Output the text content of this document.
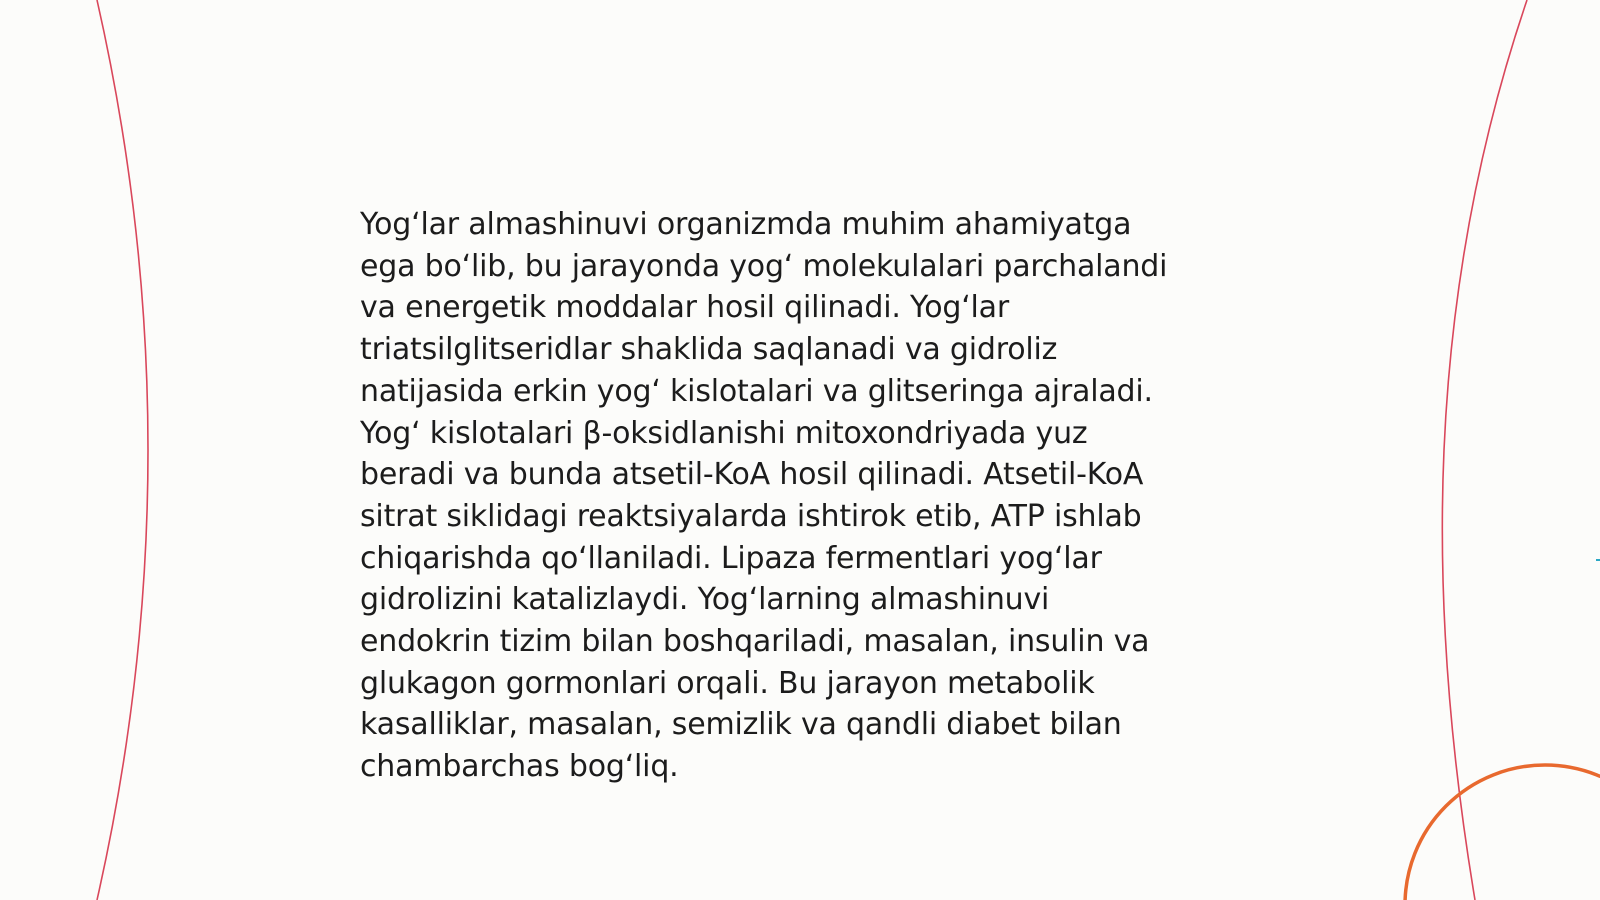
Yog‘lar almashinuvi organizmda muhim ahamiyatga
ega bo‘lib, bu jarayonda yog‘ molekulalari parchalandi
va energetik moddalar hosil qilinadi. Yog‘lar
triatsilglitseridlar shaklida saqlanadi va gidroliz
natijasida erkin yog‘ kislotalari va glitseringa ajraladi.
Yog‘ kislotalari β-oksidlanishi mitoxondriyada yuz
beradi va bunda atsetil-KoA hosil qilinadi. Atsetil-KoA
sitrat siklidagi reaktsiyalarda ishtirok etib, ATP ishlab
chiqarishda qo‘llaniladi. Lipaza fermentlari yog‘lar
gidrolizini katalizlaydi. Yog‘larning almashinuvi
endokrin tizim bilan boshqariladi, masalan, insulin va
glukagon gormonlari orqali. Bu jarayon metabolik
kasalliklar, masalan, semizlik va qandli diabet bilan
chambarchas bog‘liq.
